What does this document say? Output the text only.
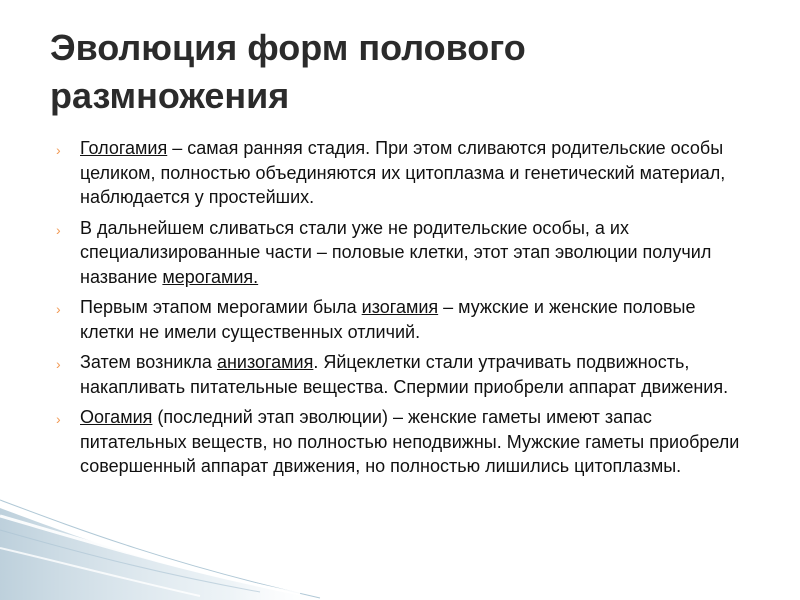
Эволюция форм полового размножения
› Гологамия – самая ранняя стадия. При этом сливаются родительские особы целиком, полностью объединяются их цитоплазма и генетический материал, наблюдается у простейших.
› В дальнейшем сливаться стали уже не родительские особы, а их специализированные части – половые клетки, этот этап эволюции получил название мерогамия.
› Первым этапом мерогамии была изогамия – мужские и женские половые клетки не имели существенных отличий.
› Затем возникла анизогамия. Яйцеклетки стали утрачивать подвижность, накапливать питательные вещества. Спермии приобрели аппарат движения.
› Оогамия (последний этап эволюции) – женские гаметы имеют запас питательных веществ, но полностью неподвижны. Мужские гаметы приобрели совершенный аппарат движения, но полностью лишились цитоплазмы.
